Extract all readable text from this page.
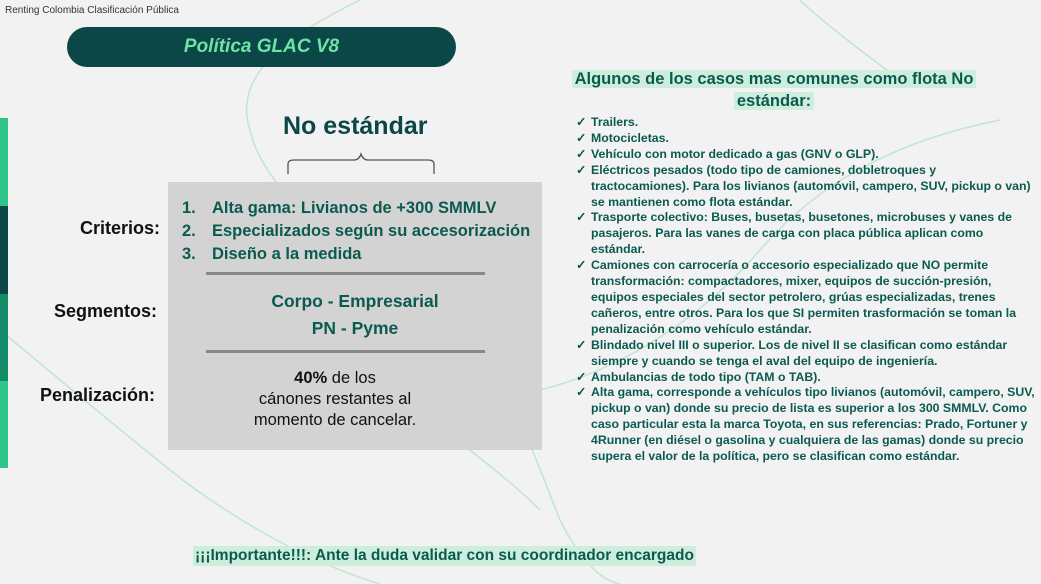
Renting Colombia Clasificación Pública
Política GLAC V8
No estándar
Criterios:
Segmentos:
Penalización:
1. Alta gama: Livianos de +300 SMMLV
2. Especializados según su accesorización
3. Diseño a la medida
Corpo - Empresarial
PN - Pyme
40% de los
cánones restantes al
momento de cancelar.
Algunos de los casos mas comunes como flota No
estándar:
✓ Trailers.
✓ Motocicletas.
✓ Vehículo con motor dedicado a gas (GNV o GLP).
✓ Eléctricos pesados (todo tipo de camiones, dobletroques y tractocamiones). Para los livianos (automóvil, campero, SUV, pickup o van) se mantienen como flota estándar.
✓ Trasporte colectivo: Buses, busetas, busetones, microbuses y vanes de pasajeros. Para las vanes de carga con placa pública aplican como estándar.
✓ Camiones con carrocería o accesorio especializado que NO permite transformación: compactadores, mixer, equipos de succión-presión, equipos especiales del sector petrolero, grúas especializadas, trenes cañeros, entre otros. Para los que SI permiten trasformación se toman la penalización como vehículo estándar.
✓ Blindado nivel III o superior. Los de nivel II se clasifican como estándar siempre y cuando se tenga el aval del equipo de ingeniería.
✓ Ambulancias de todo tipo (TAM o TAB).
✓ Alta gama, corresponde a vehículos tipo livianos (automóvil, campero, SUV, pickup o van) donde su precio de lista es superior a los 300 SMMLV. Como caso particular esta la marca Toyota, en sus referencias: Prado, Fortuner y 4Runner (en diésel o gasolina y cualquiera de las gamas) donde su precio supera el valor de la política, pero se clasifican como estándar.
¡¡¡Importante!!!: Ante la duda validar con su coordinador encargado
